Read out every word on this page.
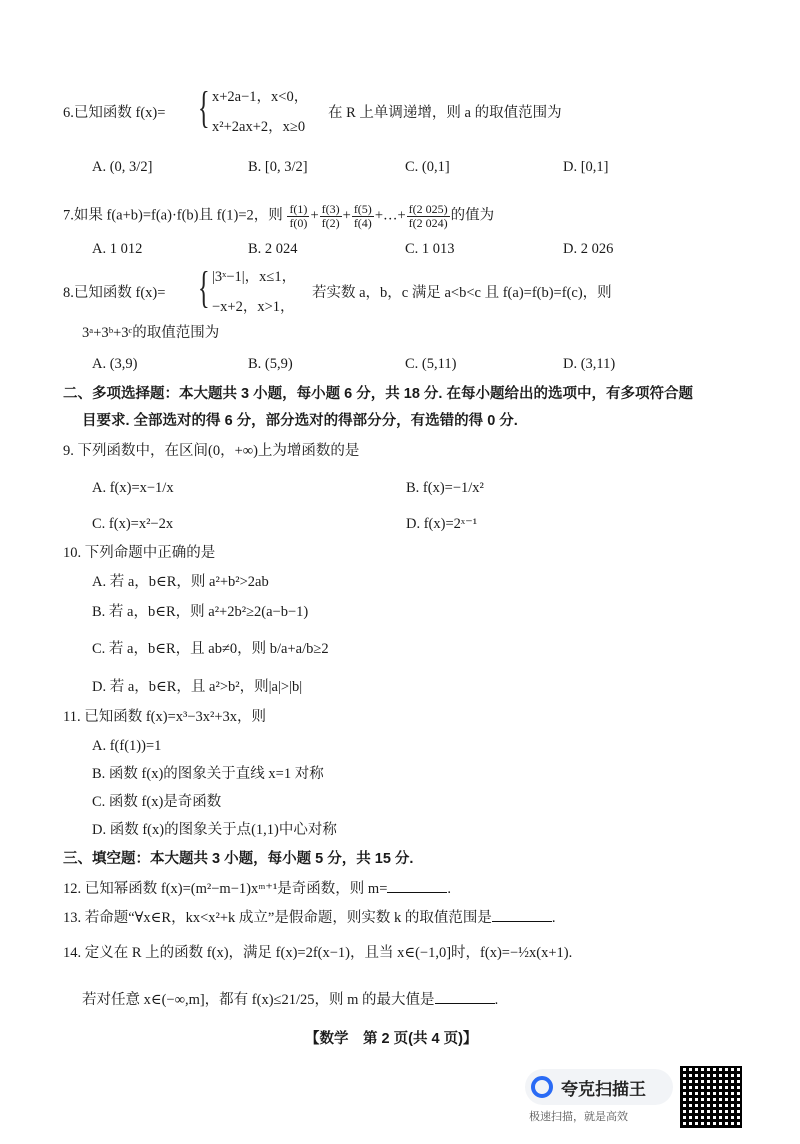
6.已知函数 f(x)= { x+2a−1，x<0，
x²+2ax+2，x≥0
在 R 上单调递增，则 a 的取值范围为
A. (0, 3/2]	B. [0, 3/2]	C. (0,1]	D. [0,1]
7.如果 f(a+b)=f(a)·f(b)且 f(1)=2，则 $\frac{f(1)}{f(0)} + \frac{f(3)}{f(2)} + \frac{f(5)}{f(4)}$ +…+ $\frac{f(2 025)}{f(2 024)}$ 的值为
A. 1 012	B. 2 024	C. 1 013	D. 2 026
8.已知函数 f(x)= { |3ˣ−1|，x≤1，
−x+2，x>1，
若实数 a，b，c 满足 a<b<c 且 f(a)=f(b)=f(c)，则
3ᵃ+3ᵇ+3ᶜ的取值范围为
A. (3,9)	B. (5,9)	C. (5,11)	D. (3,11)
二、多项选择题：本大题共 3 小题，每小题 6 分，共 18 分. 在每小题给出的选项中，有多项符合题
目要求. 全部选对的得 6 分，部分选对的得部分分，有选错的得 0 分.
9. 下列函数中，在区间(0，+∞)上为增函数的是
A. f(x)=x−1/x	B. f(x)=−1/x²
C. f(x)=x²−2x	D. f(x)=2ˣ⁻¹
10. 下列命题中正确的是
A. 若 a，b∈R，则 a²+b²>2ab
B. 若 a，b∈R，则 a²+2b²≥2(a−b−1)
C. 若 a，b∈R，且 ab≠0，则 b/a+a/b≥2
D. 若 a，b∈R，且 a²>b²，则|a|>|b|
11. 已知函数 f(x)=x³−3x²+3x，则
A. f(f(1))=1
B. 函数 f(x)的图象关于直线 x=1 对称
C. 函数 f(x)是奇函数
D. 函数 f(x)的图象关于点(1,1)中心对称
三、填空题：本大题共 3 小题，每小题 5 分，共 15 分.
12. 已知幂函数 f(x)=(m²−m−1)xᵐ⁺¹是奇函数，则 m=	.
13. 若命题“∀x∈R，kx<x²+k 成立”是假命题，则实数 k 的取值范围是	.
14. 定义在 R 上的函数 f(x)，满足 f(x)=2f(x−1)，且当 x∈(−1,0]时，f(x)=−½x(x+1).
若对任意 x∈(−∞,m]，都有 f(x)≤21/25，则 m 的最大值是	.
【数学　第 2 页(共 4 页)】
夸克扫描王
极速扫描，就是高效
